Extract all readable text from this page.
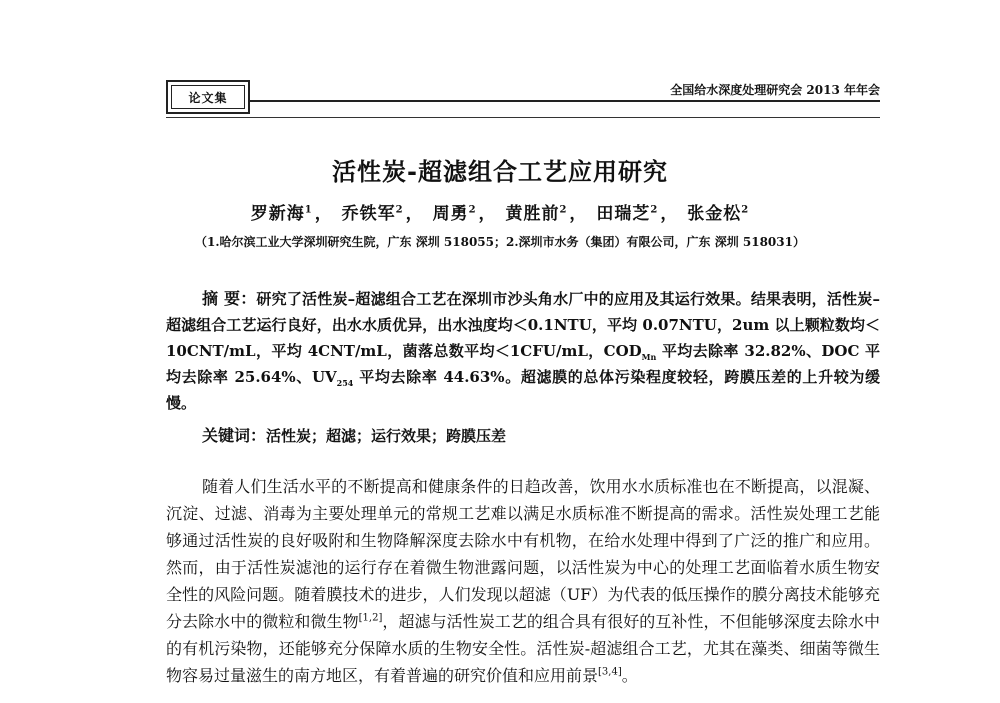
论文集
全国给水深度处理研究会 2013 年年会
活性炭-超滤组合工艺应用研究
罗新海$^1$ ， 乔铁军$^2$ ， 周勇$^2$ ， 黄胜前$^2$ ， 田瑞芝$^2$ ， 张金松$^2$
（1.哈尔滨工业大学深圳研究生院，广东 深圳 518055；2.深圳市水务（集团）有限公司，广东 深圳 518031）
摘 要：研究了活性炭–超滤组合工艺在深圳市沙头角水厂中的应用及其运行效果。结果表明，活性炭–超滤组合工艺运行良好，出水水质优异，出水浊度均＜0.1NTU，平均 0.07NTU，2um 以上颗粒数均＜10CNT/mL，平均 4CNT/mL，菌落总数平均＜1CFU/mL，$COD_{Mn}$ 平均去除率 32.82%、DOC 平均去除率 25.64%、$UV_{254}$ 平均去除率 44.63%。超滤膜的总体污染程度较轻，跨膜压差的上升较为缓慢。
关键词：活性炭；超滤；运行效果；跨膜压差
随着人们生活水平的不断提高和健康条件的日趋改善，饮用水水质标准也在不断提高，以混凝、沉淀、过滤、消毒为主要处理单元的常规工艺难以满足水质标准不断提高的需求。活性炭处理工艺能够通过活性炭的良好吸附和生物降解深度去除水中有机物，在给水处理中得到了广泛的推广和应用。然而，由于活性炭滤池的运行存在着微生物泄露问题，以活性炭为中心的处理工艺面临着水质生物安全性的风险问题。随着膜技术的进步，人们发现以超滤（UF）为代表的低压操作的膜分离技术能够充分去除水中的微粒和微生物[1,2]，超滤与活性炭工艺的组合具有很好的互补性，不但能够深度去除水中的有机污染物，还能够充分保障水质的生物安全性。活性炭-超滤组合工艺，尤其在藻类、细菌等微生物容易过量滋生的南方地区，有着普遍的研究价值和应用前景[3,4]。
